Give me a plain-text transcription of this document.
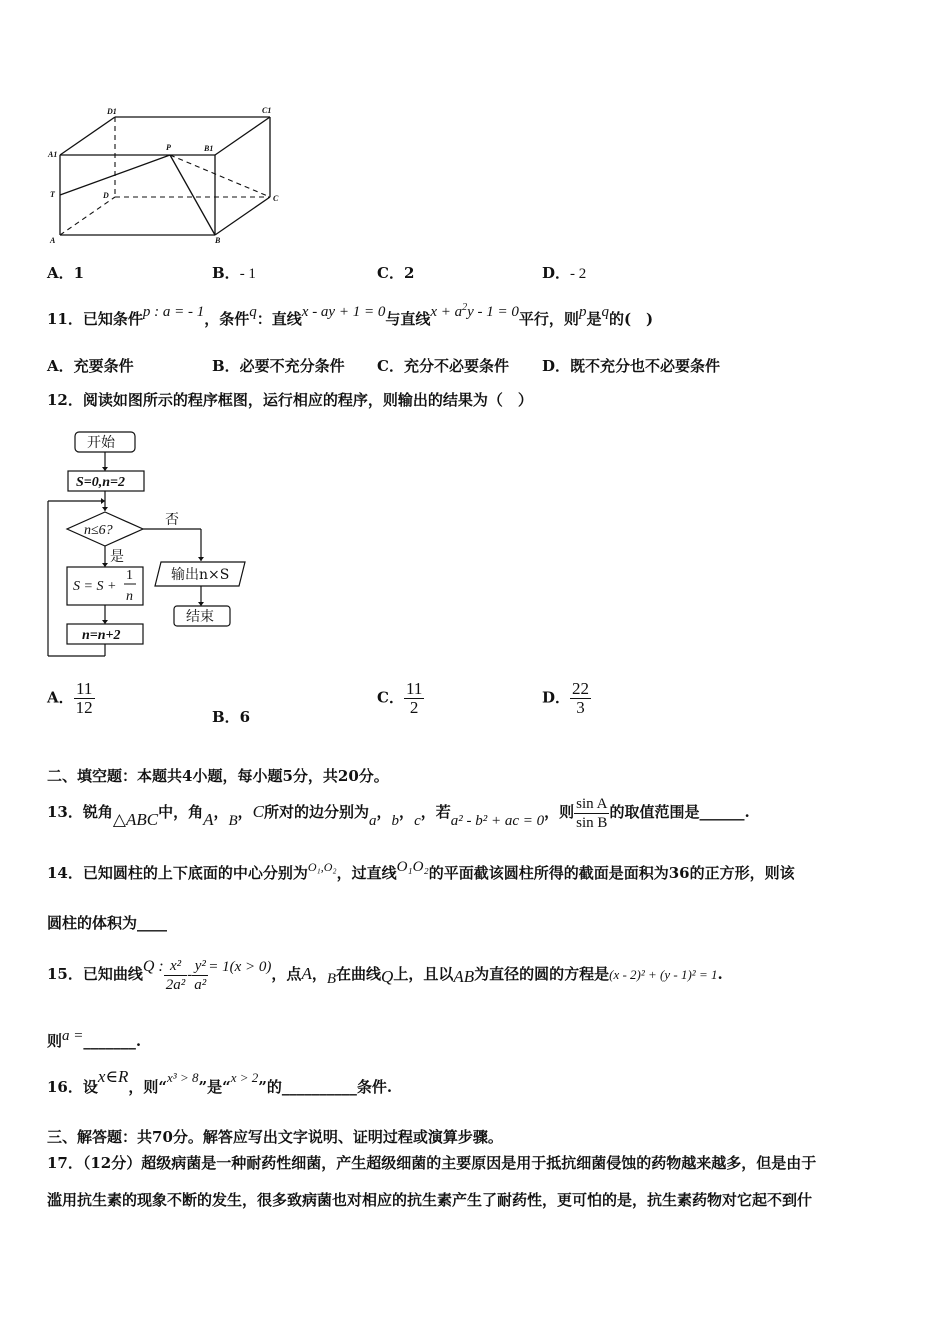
D1	C1
A1
P	B1
T	D	C
A	B
A．1	B．- 1	C．2	D．- 2
11．已知条件p : a = - 1，条件q：直线x - ay + 1 = 0与直线$x + a^2y - 1 = 0$平行，则p是q的(　)
A．充要条件	B．必要不充分条件 C．充分不必要条件 D．既不充分也不必要条件
12．阅读如图所示的程序框图，运行相应的程序，则输出的结果为（　）
开始
S=0,n=2
n≤6?
否
是
S = S +
1
n
输出n×S
结束
n=n+2
A． $\frac{11}{12}$	B．6
C． $\frac{11}{2}$	D． $\frac{22}{3}$
二、填空题：本题共4小题，每小题5分，共20分。
13．锐角△ABC中，角A，B，C所对的边分别为a，b，c，若a² - b² + ac = 0，则 $\frac{\text{sin A}}{\text{sin B}}$ 的取值范围是______.
14．已知圆柱的上下底面的中心分别为$^{O_1,O_2}$，过直线O₁O₂的平面截该圆柱所得的截面是面积为36的正方形，则该
圆柱的体积为____
15．已知曲线Q : $\frac{\text{x²}}{\text{2a²}} - \frac{\text{y²}}{\text{a²}} = 1(x > 0)$，点A，B在曲线Q上，且以AB为直径的圆的方程是(x - 2)² + (y - 1)² = 1.
则a =_______.
16．设x∈R，则“x³ > 8”是“x > 2”的__________条件.
三、解答题：共70分。解答应写出文字说明、证明过程或演算步骤。
17．（12分）超级病菌是一种耐药性细菌，产生超级细菌的主要原因是用于抵抗细菌侵蚀的药物越来越多，但是由于
滥用抗生素的现象不断的发生，很多致病菌也对相应的抗生素产生了耐药性，更可怕的是，抗生素药物对它起不到什
